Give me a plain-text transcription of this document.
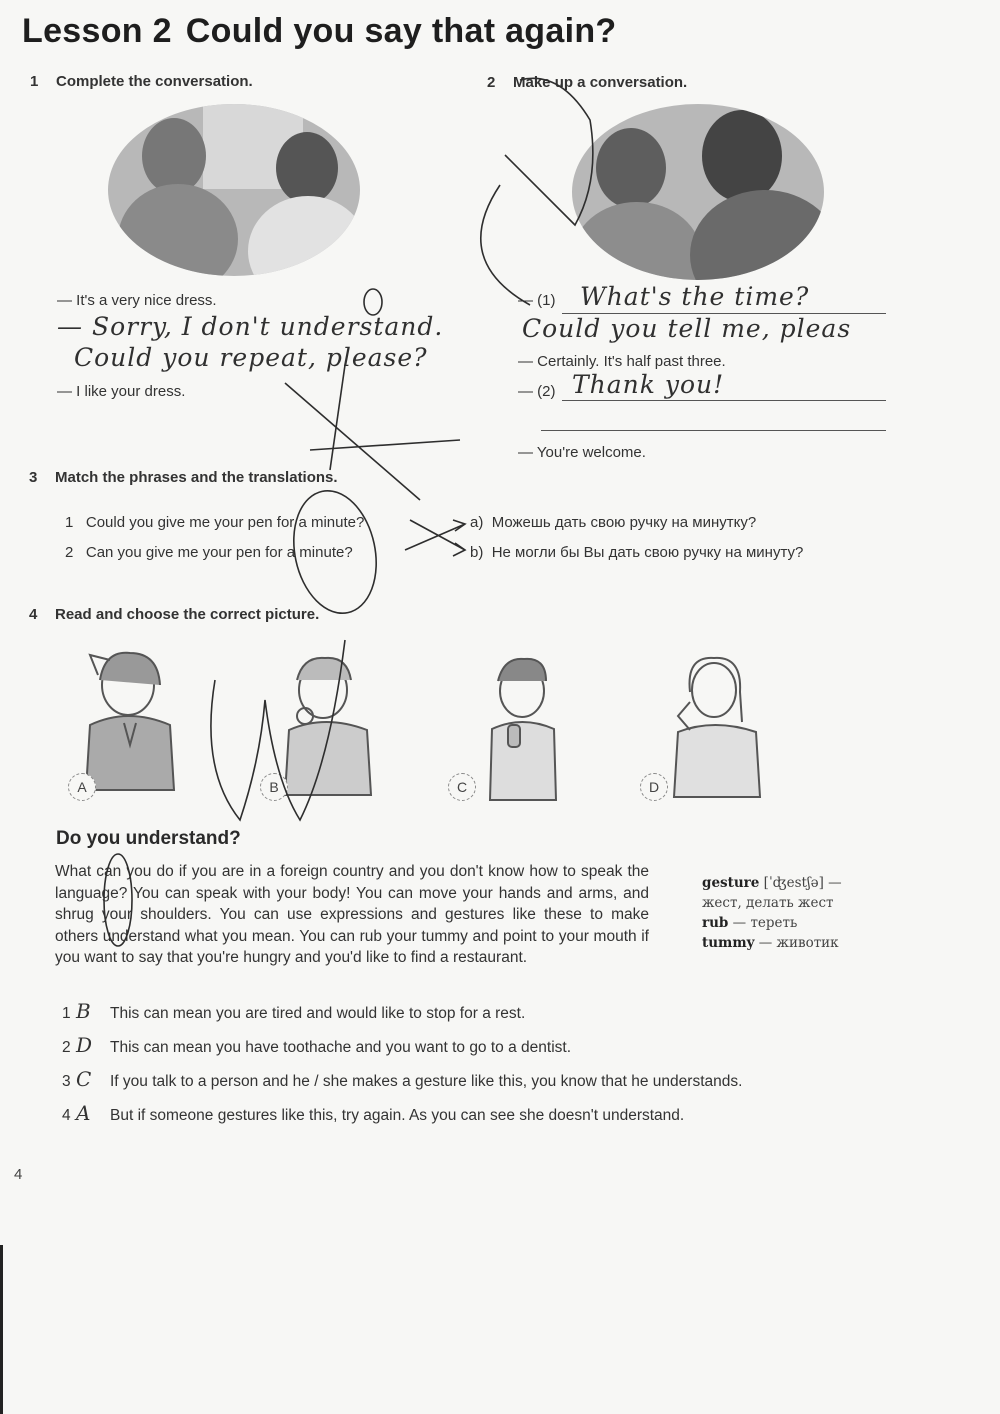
Lesson 2 Could you say that again?
1 Complete the conversation.
— It's a very nice dress.
— Sorry, I don't understand.
Could you repeat, please?
— I like your dress.
2 Make up a conversation.
— (1) What's the time?
Could you tell me, pleas
— Certainly. It's half past three.
— (2) Thank you!
— You're welcome.
3 Match the phrases and the translations.
1 Could you give me your pen for a minute?
2 Can you give me your pen for a minute?
a) Можешь дать свою ручку на минутку?
b) Не могли бы Вы дать свою ручку на минуту?
4 Read and choose the correct picture.
A	B	C	D
Do you understand?
What can you do if you are in a foreign country and you don't know how to speak the language? You can speak with your body! You can move your hands and arms, and shrug your shoulders. You can use expressions and gestures like these to make others understand what you mean. You can rub your tummy and point to your mouth if you want to say that you're hungry and you'd like to find a restaurant.
gesture [ˈʤestʃə] — жест, делать жест
rub — тереть
tummy — животик
1 B This can mean you are tired and would like to stop for a rest.
2 D This can mean you have toothache and you want to go to a dentist.
3 C If you talk to a person and he / she makes a gesture like this, you know that he understands.
4 A But if someone gestures like this, try again. As you can see she doesn't understand.
4
